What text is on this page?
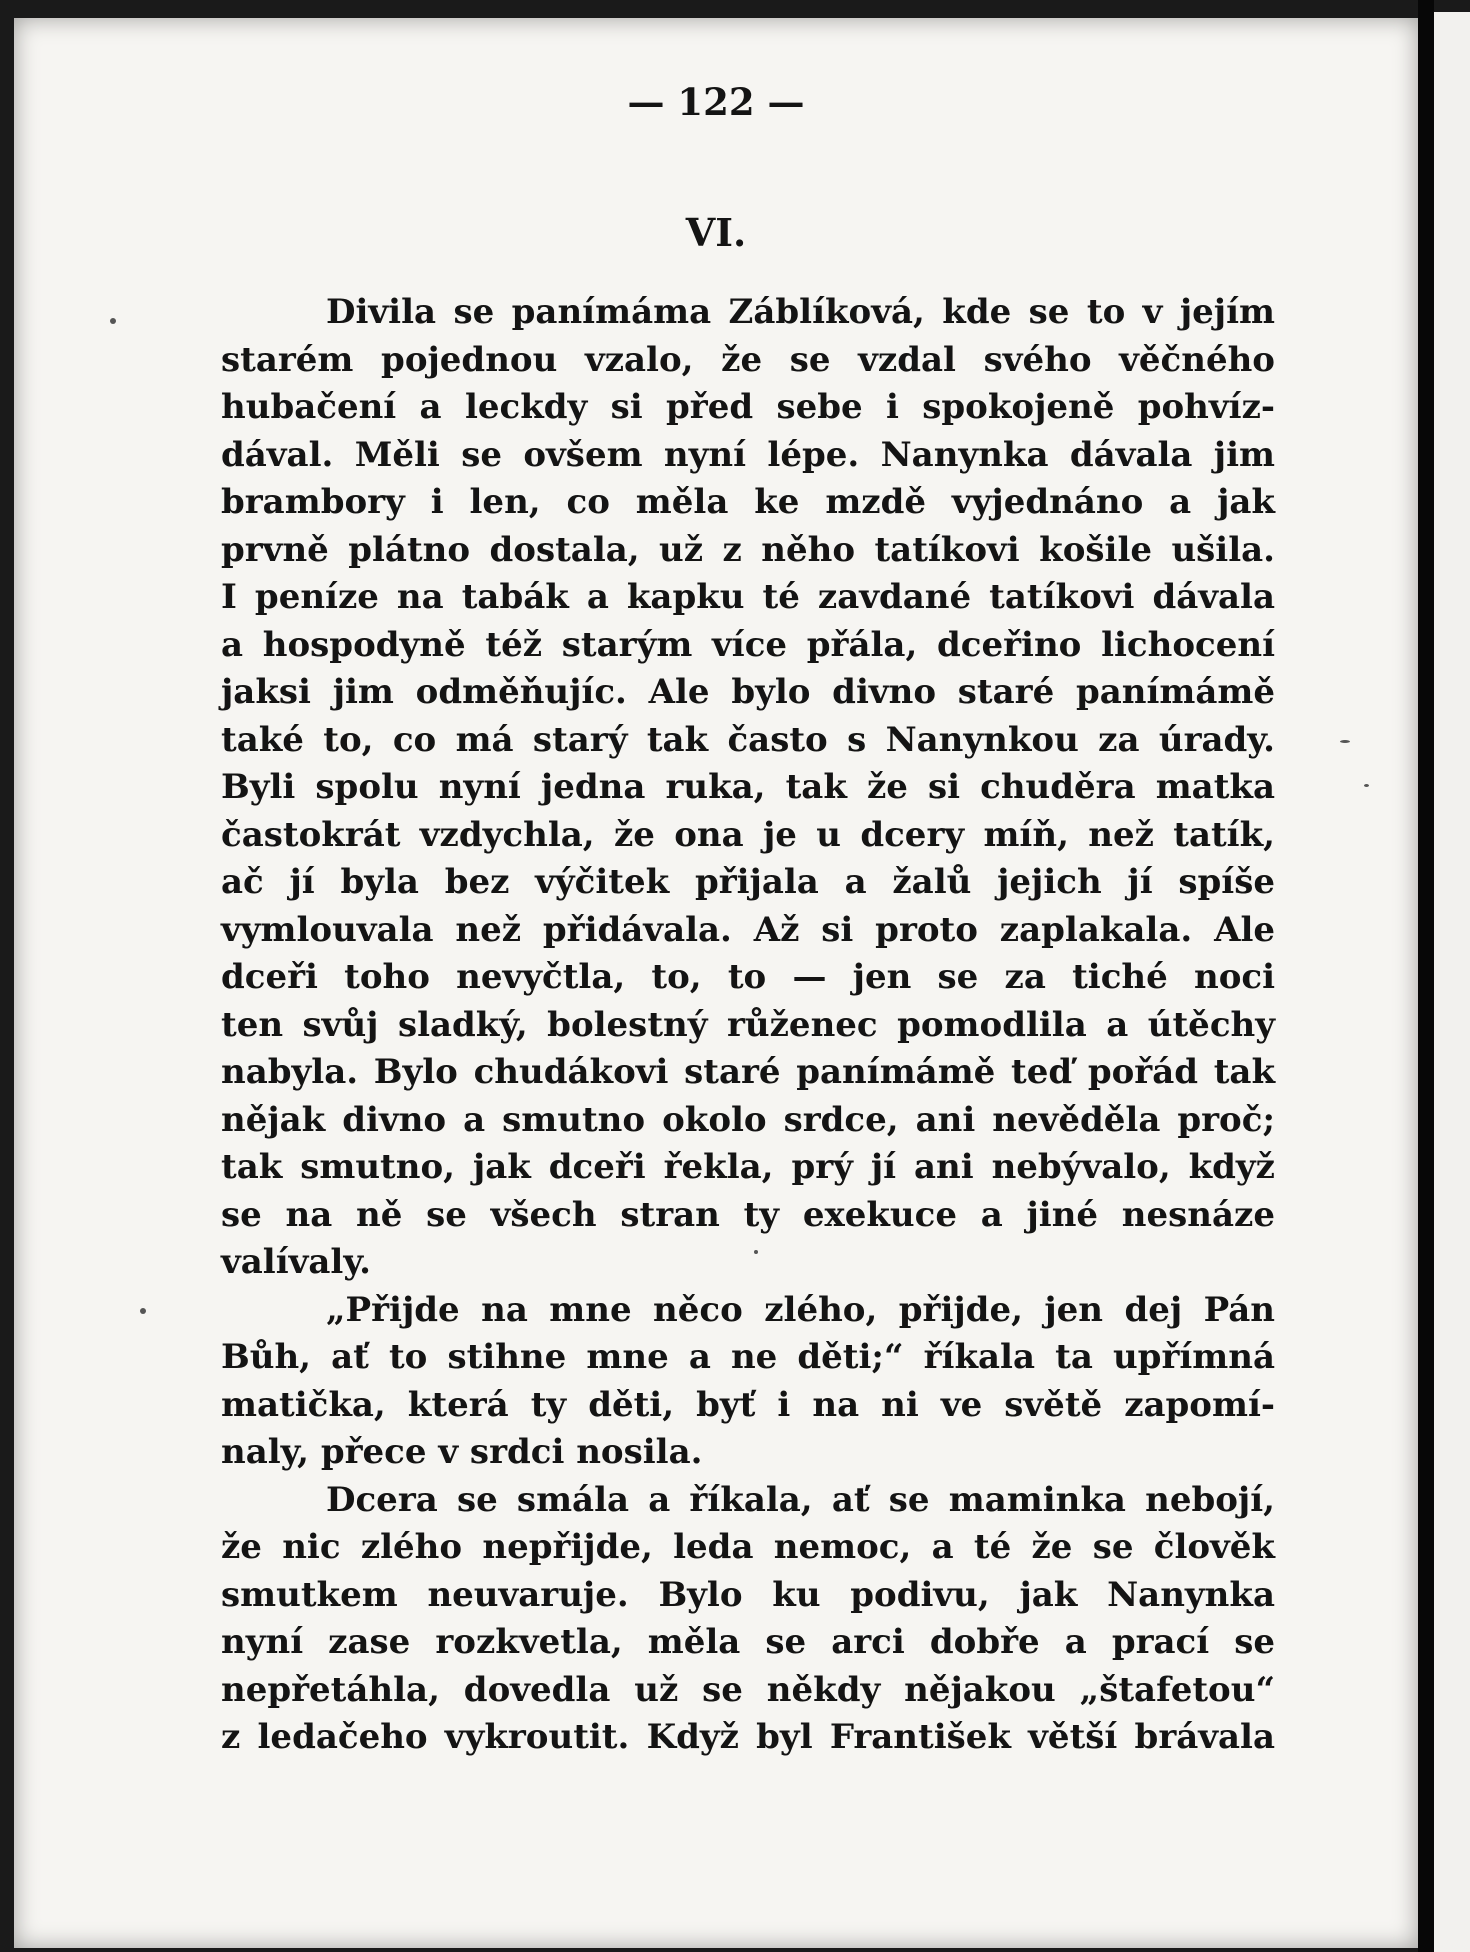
— 122 —
VI.
Divila se panímáma Záblíková, kde se to v jejím
starém pojednou vzalo, že se vzdal svého věčného
hubačení a leckdy si před sebe i spokojeně pohvíz-
dával. Měli se ovšem nyní lépe. Nanynka dávala jim
brambory i len, co měla ke mzdě vyjednáno a jak
prvně plátno dostala, už z něho tatíkovi košile ušila.
I peníze na tabák a kapku té zavdané tatíkovi dávala
a hospodyně též starým více přála, dceřino lichocení
jaksi jim odměňujíc. Ale bylo divno staré panímámě
také to, co má starý tak často s Nanynkou za úrady.
Byli spolu nyní jedna ruka, tak že si chuděra matka
častokrát vzdychla, že ona je u dcery míň, než tatík,
ač jí byla bez výčitek přijala a žalů jejich jí spíše
vymlouvala než přidávala. Až si proto zaplakala. Ale
dceři toho nevyčtla, to, to — jen se za tiché noci
ten svůj sladký, bolestný růženec pomodlila a útěchy
nabyla. Bylo chudákovi staré panímámě teď pořád tak
nějak divno a smutno okolo srdce, ani nevěděla proč;
tak smutno, jak dceři řekla, prý jí ani nebývalo, když
se na ně se všech stran ty exekuce a jiné nesnáze
valívaly.
„Přijde na mne něco zlého, přijde, jen dej Pán
Bůh, ať to stihne mne a ne děti;“ říkala ta upřímná
matička, která ty děti, byť i na ni ve světě zapomí-
naly, přece v srdci nosila.
Dcera se smála a říkala, ať se maminka nebojí,
že nic zlého nepřijde, leda nemoc, a té že se člověk
smutkem neuvaruje. Bylo ku podivu, jak Nanynka
nyní zase rozkvetla, měla se arci dobře a prací se
nepřetáhla, dovedla už se někdy nějakou „štafetou“
z ledačeho vykroutit. Když byl František větší brávala
